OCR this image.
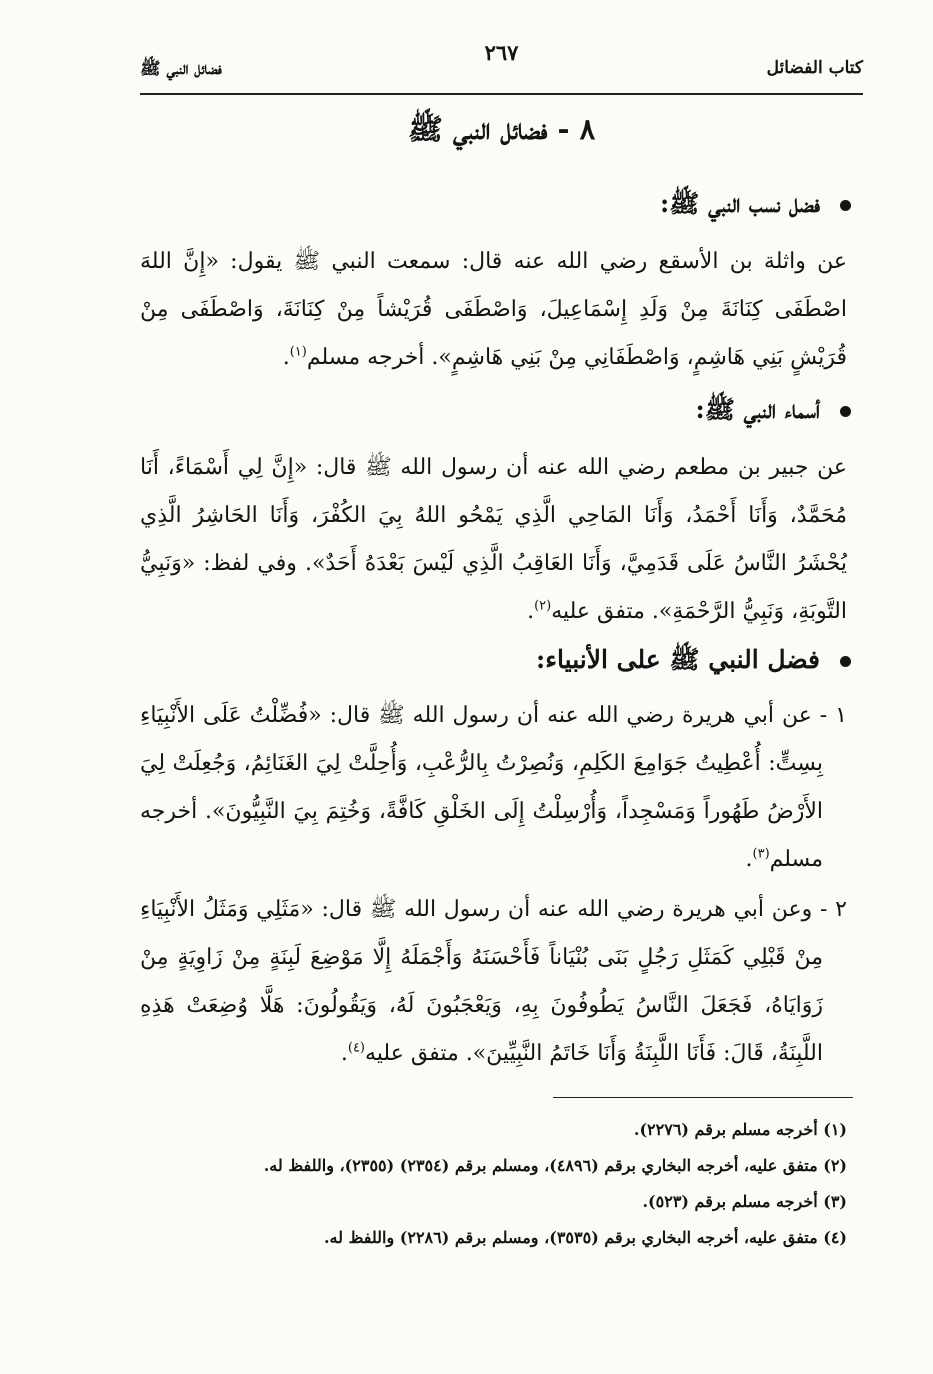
كتاب الفضائل
٢٦٧
فضائل النبي ﷺ
٨ - فضائل النبي ﷺ
فضل نسب النبي ﷺ:
عن واثلة بن الأسقع رضي الله عنه قال: سمعت النبي ﷺ يقول: «إِنَّ اللهَ اصْطَفَى كِنَانَةَ مِنْ وَلَدِ إِسْمَاعِيلَ، وَاصْطَفَى قُرَيْشاً مِنْ كِنَانَةَ، وَاصْطَفَى مِنْ قُرَيْشٍ بَنِي هَاشِمٍ، وَاصْطَفَانِي مِنْ بَنِي هَاشِمٍ». أخرجه مسلم$^{(١)}$.
أسماء النبي ﷺ:
عن جبير بن مطعم رضي الله عنه أن رسول الله ﷺ قال: «إِنَّ لِي أَسْمَاءً، أَنَا مُحَمَّدٌ، وَأَنَا أَحْمَدُ، وَأَنَا المَاحِي الَّذِي يَمْحُو اللهُ بِيَ الكُفْرَ، وَأَنَا الحَاشِرُ الَّذِي يُحْشَرُ النَّاسُ عَلَى قَدَمِيَّ، وَأَنَا العَاقِبُ الَّذِي لَيْسَ بَعْدَهُ أَحَدٌ». وفي لفظ: «وَنَبِيُّ التَّوبَةِ، وَنَبِيُّ الرَّحْمَةِ». متفق عليه$^{(٢)}$.
فضل النبي ﷺ على الأنبياء:
١ - عن أبي هريرة رضي الله عنه أن رسول الله ﷺ قال: «فُضِّلْتُ عَلَى الأَنْبِيَاءِ بِسِتٍّ: أُعْطِيتُ جَوَامِعَ الكَلِمِ، وَنُصِرْتُ بِالرُّعْبِ، وَأُحِلَّتْ لِيَ الغَنَائِمُ، وَجُعِلَتْ لِيَ الأَرْضُ طَهُوراً وَمَسْجِداً، وَأُرْسِلْتُ إِلَى الخَلْقِ كَافَّةً، وَخُتِمَ بِيَ النَّبِيُّونَ». أخرجه مسلم$^{(٣)}$.
٢ - وعن أبي هريرة رضي الله عنه أن رسول الله ﷺ قال: «مَثَلِي وَمَثَلُ الأَنْبِيَاءِ مِنْ قَبْلِي كَمَثَلِ رَجُلٍ بَنَى بُنْيَاناً فَأَحْسَنَهُ وَأَجْمَلَهُ إِلَّا مَوْضِعَ لَبِنَةٍ مِنْ زَاوِيَةٍ مِنْ زَوَايَاهُ، فَجَعَلَ النَّاسُ يَطُوفُونَ بِهِ، وَيَعْجَبُونَ لَهُ، وَيَقُولُونَ: هَلَّا وُضِعَتْ هَذِهِ اللَّبِنَةُ، قَالَ: فَأَنَا اللَّبِنَةُ وَأَنَا خَاتَمُ النَّبِيِّينَ». متفق عليه$^{(٤)}$.
(١) أخرجه مسلم برقم (٢٢٧٦).
(٢) متفق عليه، أخرجه البخاري برقم (٤٨٩٦)، ومسلم برقم (٢٣٥٤) (٢٣٥٥)، واللفظ له.
(٣) أخرجه مسلم برقم (٥٢٣).
(٤) متفق عليه، أخرجه البخاري برقم (٣٥٣٥)، ومسلم برقم (٢٢٨٦) واللفظ له.
